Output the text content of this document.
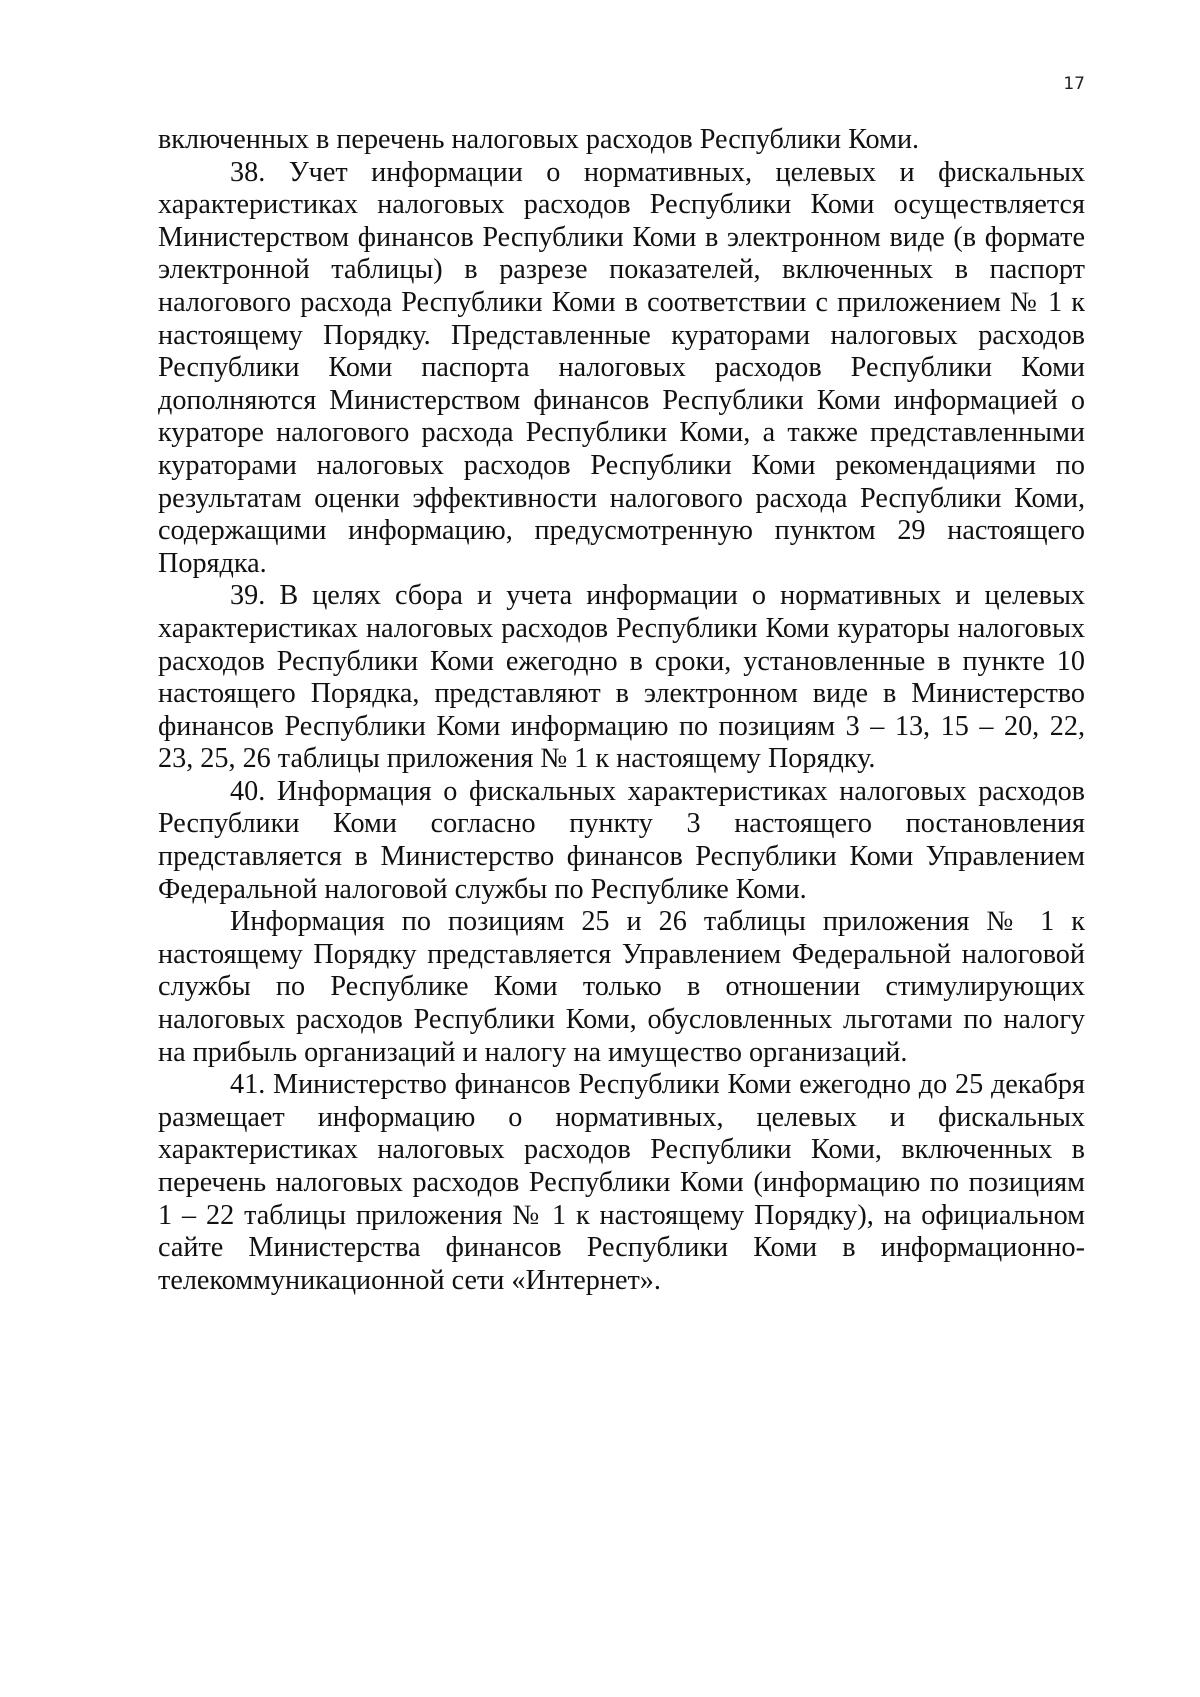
17

включенных в перечень налоговых расходов Республики Коми.

38. Учет информации о нормативных, целевых и фискальных характеристиках налоговых расходов Республики Коми осуществляется Министерством финансов Республики Коми в электронном виде (в формате электронной таблицы) в разрезе показателей, включенных в паспорт налогового расхода Республики Коми в соответствии с приложением № 1 к настоящему Порядку. Представленные кураторами налоговых расходов Республики Коми паспорта налоговых расходов Республики Коми дополняются Министерством финансов Республики Коми информацией о кураторе налогового расхода Республики Коми, а также представленными кураторами налоговых расходов Республики Коми рекомендациями по результатам оценки эффективности налогового расхода Республики Коми, содержащими информацию, предусмотренную пунктом 29 настоящего Порядка.

39. В целях сбора и учета информации о нормативных и целевых характеристиках налоговых расходов Республики Коми кураторы налоговых расходов Республики Коми ежегодно в сроки, установленные в пункте 10 настоящего Порядка, представляют в электронном виде в Министерство финансов Республики Коми информацию по позициям 3 – 13, 15 – 20, 22, 23, 25, 26 таблицы приложения № 1 к настоящему Порядку.

40. Информация о фискальных характеристиках налоговых расходов Республики Коми согласно пункту 3 настоящего постановления представляется в Министерство финансов Республики Коми Управлением Федеральной налоговой службы по Республике Коми.

Информация по позициям 25 и 26 таблицы приложения № 1 к настоящему Порядку представляется Управлением Федеральной налоговой службы по Республике Коми только в отношении стимулирующих налоговых расходов Республики Коми, обусловленных льготами по налогу на прибыль организаций и налогу на имущество организаций.

41. Министерство финансов Республики Коми ежегодно до 25 декабря размещает информацию о нормативных, целевых и фискальных характеристиках налоговых расходов Республики Коми, включенных в перечень налоговых расходов Республики Коми (информацию по позициям 1 – 22 таблицы приложения № 1 к настоящему Порядку), на официальном сайте Министерства финансов Республики Коми в информационно-телекоммуникационной сети «Интернет».
